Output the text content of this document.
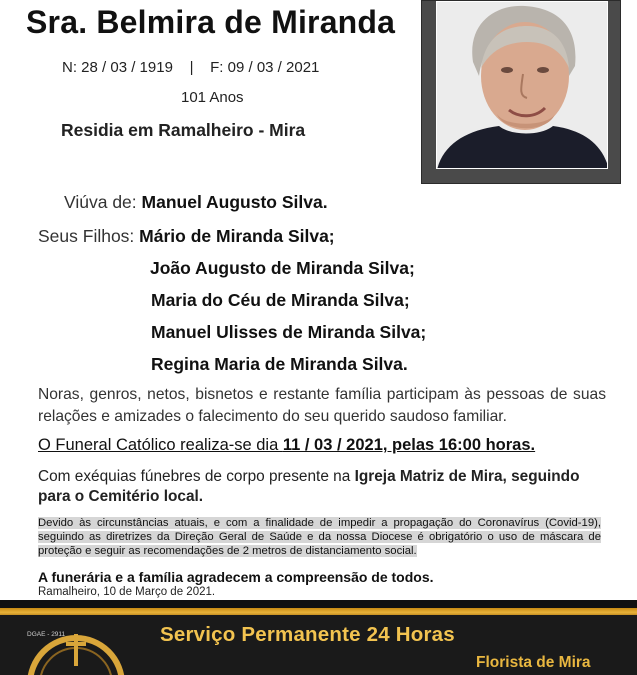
Sra. Belmira de Miranda
N: 28 / 03 / 1919    |    F: 09 / 03 / 2021
101 Anos
Residia em Ramalheiro - Mira
Viúva de: Manuel Augusto Silva.
Seus Filhos: Mário de Miranda Silva;
João Augusto de Miranda Silva;
Maria do Céu de Miranda Silva;
Manuel Ulisses de Miranda Silva;
Regina Maria de Miranda Silva.
Noras, genros, netos, bisnetos e restante família participam às pessoas de suas relações e amizades o falecimento do seu querido saudoso familiar.
O Funeral Católico realiza-se dia 11 / 03 / 2021, pelas 16:00 horas.
Com exéquias fúnebres de corpo presente na Igreja Matriz de Mira, seguindo para o Cemitério local.
Devido às circunstâncias atuais, e com a finalidade de impedir a propagação do Coronavírus (Covid-19), seguindo as diretrizes da Direção Geral de Saúde e da nossa Diocese é obrigatório o uso de máscara de proteção e seguir as recomendações de 2 metros de distanciamento social.
A funerária e a família agradecem a compreensão de todos.
Ramalheiro, 10 de Março de 2021.
DGAE - 2911	Serviço Permanente 24 Horas
Florista de Mira
